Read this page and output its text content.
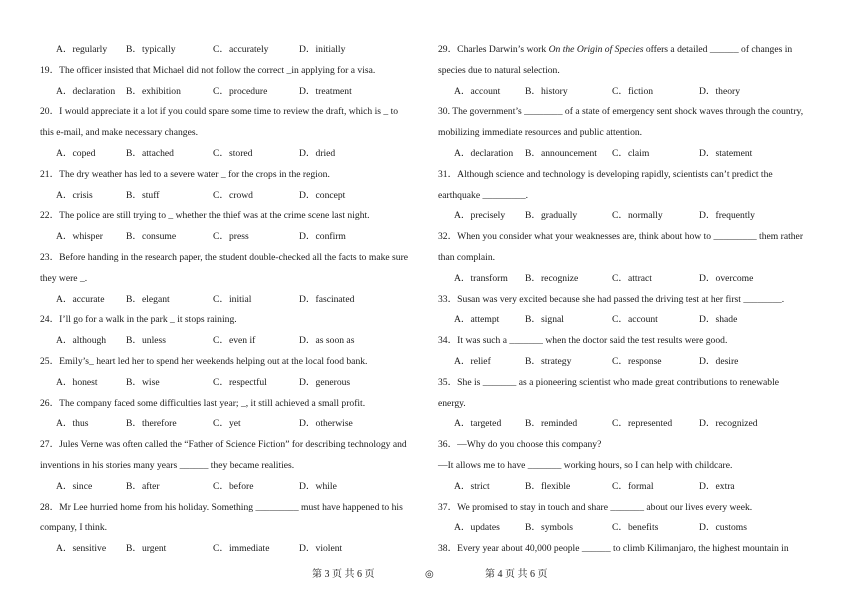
A．regularly B．typically	C．accurately	D．initially
19．The officer insisted that Michael did not follow the correct _in applying for a visa.
A．declaration B．exhibition	C．procedure	D．treatment
20．I would appreciate it a lot if you could spare some time to review the draft, which is _ to
this e-mail, and make necessary changes.
A．coped	B．attached	C．stored	D．dried
21．The dry weather has led to a severe water _ for the crops in the region.
A．crisis	B．stuff	C．crowd	D．concept
22．The police are still trying to _ whether the thief was at the crime scene last night.
A．whisper B．consume	C．press	D．confirm
23．Before handing in the research paper, the student double-checked all the facts to make sure
they were _.
A．accurate B．elegant	C．initial	D．fascinated
24．I’ll go for a walk in the park _ it stops raining.
A．although B．unless	C．even if	D．as soon as
25．Emily’s_ heart led her to spend her weekends helping out at the local food bank.
A．honest	B．wise	C．respectful	D．generous
26．The company faced some difficulties last year; _, it still achieved a small profit.
A．thus	B．therefore	C．yet	D．otherwise
27．Jules Verne was often called the “Father of Science Fiction” for describing technology and
inventions in his stories many years ______ they became realities.
A．since	B．after	C．before	D．while
28．Mr Lee hurried home from his holiday. Something _________ must have happened to his
company, I think.
A．sensitive B．urgent	C．immediate	D．violent
29．Charles Darwin’s work On the Origin of Species offers a detailed ______ of changes in
species due to natural selection.
A．account	B．history	C．fiction	D．theory
30. The government’s ________ of a state of emergency sent shock waves through the country,
mobilizing immediate resources and public attention.
A．declaration B．announcement C．claim	D．statement
31．Although science and technology is developing rapidly, scientists can’t predict the
earthquake _________.
A．precisely B．gradually	C．normally	D．frequently
32．When you consider what your weaknesses are, think about how to _________ them rather
than complain.
A．transform B．recognize	C．attract	D．overcome
33．Susan was very excited because she had passed the driving test at her first ________.
A．attempt	B．signal	C．account	D．shade
34．It was such a _______ when the doctor said the test results were good.
A．relief	B．strategy	C．response	D．desire
35．She is _______ as a pioneering scientist who made great contributions to renewable
energy.
A．targeted B．reminded	C．represented	D．recognized
36．—Why do you choose this company?
—It allows me to have _______ working hours, so I can help with childcare.
A．strict	B．flexible	C．formal	D．extra
37．We promised to stay in touch and share _______ about our lives every week.
A．updates	B．symbols	C．benefits	D．customs
38．Every year about 40,000 people ______ to climb Kilimanjaro, the highest mountain in
第 3 页 共 6 页	◎	第 4 页 共 6 页
